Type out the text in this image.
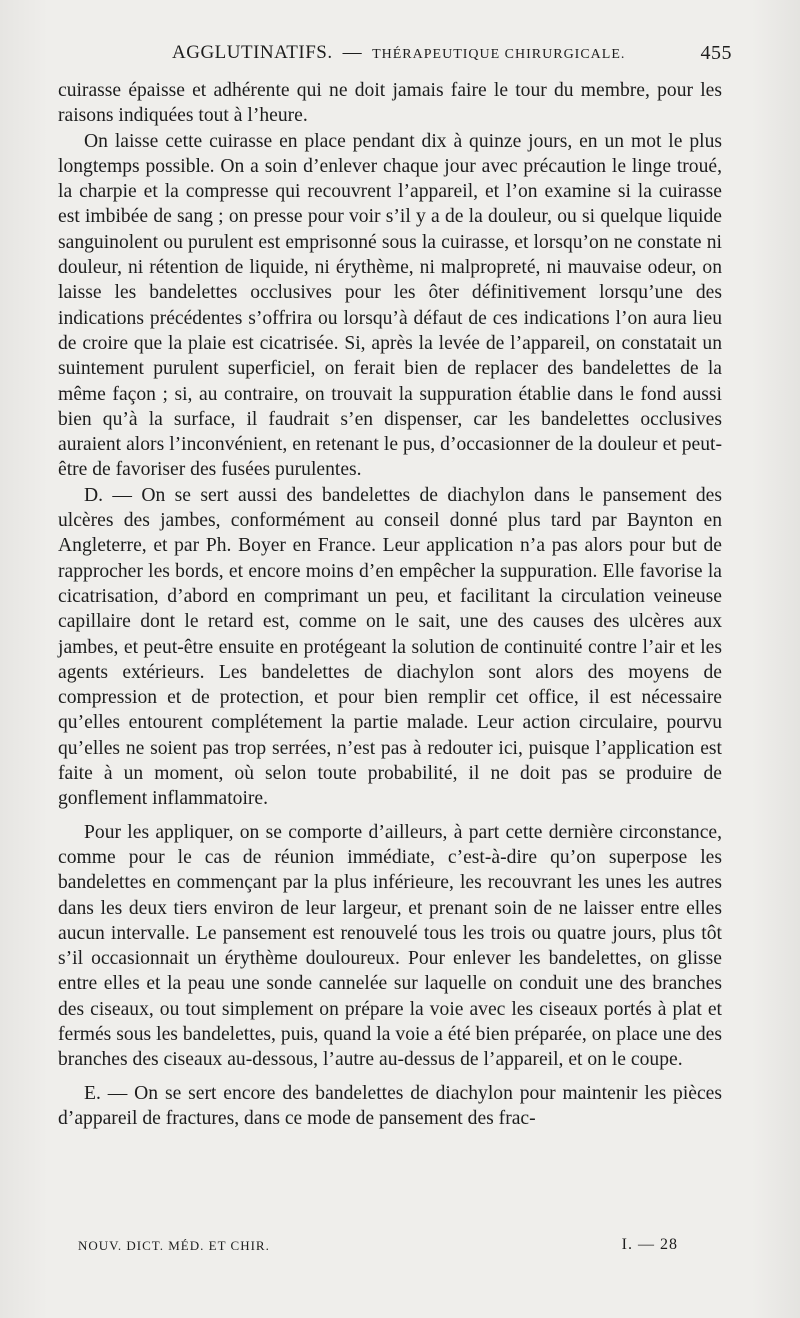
AGGLUTINATIFS. — THÉRAPEUTIQUE CHIRURGICALE.	455

cuirasse épaisse et adhérente qui ne doit jamais faire le tour du membre, pour les raisons indiquées tout à l’heure.

On laisse cette cuirasse en place pendant dix à quinze jours, en un mot le plus longtemps possible. On a soin d’enlever chaque jour avec précaution le linge troué, la charpie et la compresse qui recouvrent l’appareil, et l’on examine si la cuirasse est imbibée de sang ; on presse pour voir s’il y a de la douleur, ou si quelque liquide sanguinolent ou purulent est emprisonné sous la cuirasse, et lorsqu’on ne constate ni douleur, ni rétention de liquide, ni érythème, ni malpropreté, ni mauvaise odeur, on laisse les bandelettes occlusives pour les ôter définitivement lorsqu’une des indications précédentes s’offrira ou lorsqu’à défaut de ces indications l’on aura lieu de croire que la plaie est cicatrisée. Si, après la levée de l’appareil, on constatait un suintement purulent superficiel, on ferait bien de replacer des bandelettes de la même façon ; si, au contraire, on trouvait la suppuration établie dans le fond aussi bien qu’à la surface, il faudrait s’en dispenser, car les bandelettes occlusives auraient alors l’inconvénient, en retenant le pus, d’occasionner de la douleur et peut-être de favoriser des fusées purulentes.

D. — On se sert aussi des bandelettes de diachylon dans le pansement des ulcères des jambes, conformément au conseil donné plus tard par Baynton en Angleterre, et par Ph. Boyer en France. Leur application n’a pas alors pour but de rapprocher les bords, et encore moins d’en empêcher la suppuration. Elle favorise la cicatrisation, d’abord en comprimant un peu, et facilitant la circulation veineuse capillaire dont le retard est, comme on le sait, une des causes des ulcères aux jambes, et peut-être ensuite en protégeant la solution de continuité contre l’air et les agents extérieurs. Les bandelettes de diachylon sont alors des moyens de compression et de protection, et pour bien remplir cet office, il est nécessaire qu’elles entourent complétement la partie malade. Leur action circulaire, pourvu qu’elles ne soient pas trop serrées, n’est pas à redouter ici, puisque l’application est faite à un moment, où selon toute probabilité, il ne doit pas se produire de gonflement inflammatoire.

Pour les appliquer, on se comporte d’ailleurs, à part cette dernière circonstance, comme pour le cas de réunion immédiate, c’est-à-dire qu’on superpose les bandelettes en commençant par la plus inférieure, les recouvrant les unes les autres dans les deux tiers environ de leur largeur, et prenant soin de ne laisser entre elles aucun intervalle. Le pansement est renouvelé tous les trois ou quatre jours, plus tôt s’il occasionnait un érythème douloureux. Pour enlever les bandelettes, on glisse entre elles et la peau une sonde cannelée sur laquelle on conduit une des branches des ciseaux, ou tout simplement on prépare la voie avec les ciseaux portés à plat et fermés sous les bandelettes, puis, quand la voie a été bien préparée, on place une des branches des ciseaux au-dessous, l’autre au-dessus de l’appareil, et on le coupe.

E. — On se sert encore des bandelettes de diachylon pour maintenir les pièces d’appareil de fractures, dans ce mode de pansement des frac-

NOUV. DICT. MÉD. ET CHIR.	I. — 28
